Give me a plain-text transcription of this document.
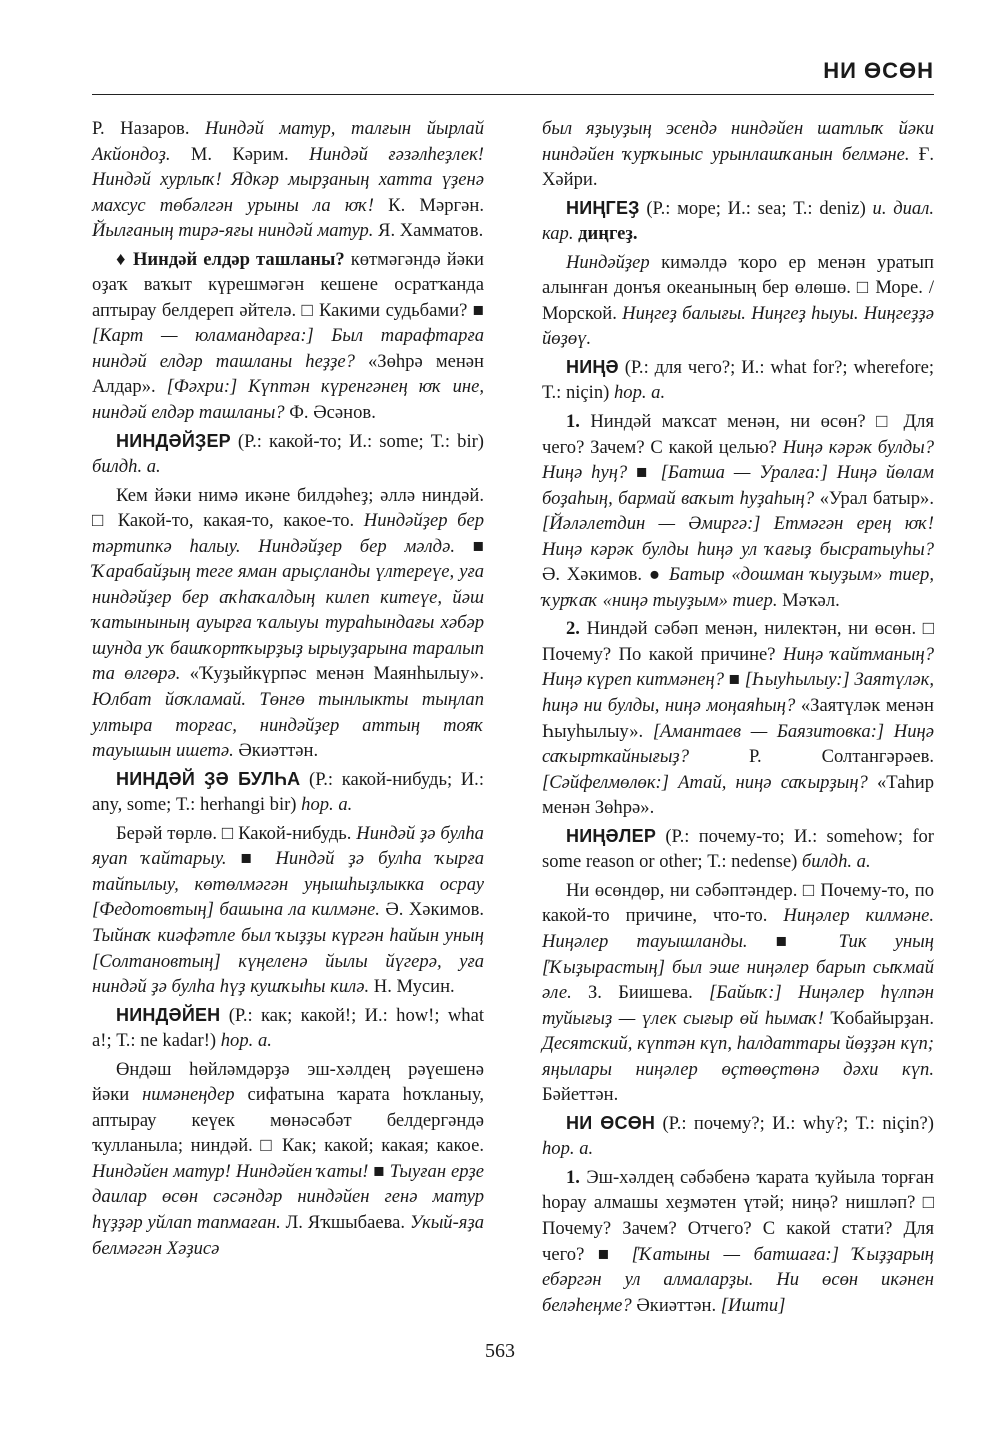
НИ ӨСӨН

Р. Назаров. Ниндәй матур, талғын йырлай Акйондоҙ. М. Кәрим. Ниндәй ғәзәлһеҙлек! Ниндәй хурлыҡ! Ядкәр мырҙаның хатта үҙенә махсус төбәлгән урыны ла юҡ! К. Мәргән. Йылғаның тирә-яғы ниндәй матур. Я. Хамматов.

♦ Ниндәй елдәр ташланы? көтмәгәндә йәки оҙаҡ ваҡыт күрешмәгән кешене осратҡанда аптырау белдереп әйтелә. □ Какими судьбами? ■ [Карт — юламандарға:] Был тарафтарға ниндәй елдәр ташланы һеҙҙе? «Зөһрә менән Алдар». [Фәхри:] Күптән күренгәнең юҡ ине, ниндәй елдәр ташланы? Ф. Әсәнов.

НИНДӘЙҘЕР (Р.: какой-то; И.: some; Т.: bir) билдһ. а.

Кем йәки нимә икәне билдәһеҙ; әллә ниндәй. □ Какой-то, какая-то, какое-то. Ниндәйҙер бер тәртипкә һалыу. Ниндәйҙер бер мәлдә. ■ Ҡарабайҙың теге яман арыҫланды үлтереүе, уға ниндәйҙер бер аҡһаҡалдың килеп китеүе, йәш ҡатынының ауырға ҡалыуы тураһындағы хәбәр шунда уҡ башҡортҡырҙыҙ ырыуҙарына таралып та өлгөрә. «Ҡуҙыйкүрпәс менән Маянһылыу». Юлбат йоҡламай. Төнгө тынлыкты тыңлап ултыра торғас, ниндәйҙер аттың тояҡ тауышын ишетә. Әкиәттән.

НИНДӘЙ ҘӘ БУЛҺА (Р.: какой-нибудь; И.: any, some; Т.: herhangi bir) һор. а.

Берәй төрлө. □ Какой-нибудь. Ниндәй ҙә булһа яуап ҡайтарыу. ■ Ниндәй ҙә булһа ҡырға тайпылыу, көтөлмәгән уңышһыҙлыкка осрау [Федотовтың] башына ла килмәне. Ә. Хәкимов. Тыйнаҡ киәфәтле был ҡыҙҙы күргән һайын уның [Солтановтың] күңеленә йылы йүгерә, уға ниндәй ҙә булһа һүҙ кушҡыһы килә. Н. Мусин.

НИНДӘЙЕН (Р.: как; какой!; И.: how!; what a!; Т.: ne kadar!) һор. а.

Өндәш һөйләмдәрҙә эш-хәлдең рәүешенә йәки нимәнеңдер сифатына ҡарата һоҡланыу, аптырау кеүек мөнәсәбәт белдергәндә ҡулланыла; ниндәй. □ Как; какой; какая; какое. Ниндәйен матур! Ниндәйен ҡаты! ■ Тыуған ерҙе даилар өсөн сәсәндәр ниндәйен генә матур һүҙҙәр уйлап тапмаған. Л. Яҡшыбаева. Укый-яҙа белмәгән Хәҙисә

был яҙыуҙың эсендә ниндәйен шатлыҡ йәки ниндәйен ҡурҡыныс урынлашҡанын белмәне. Ғ. Хәйри.

НИҢГЕҘ (Р.: море; И.: sea; Т.: deniz) и. диал. кар. диңгеҙ.

Ниндәйҙер кимәлдә ҡоро ер менән уратып алынған донъя океанының бер өлөшө. □ Море. / Морской. Ниңгеҙ балығы. Ниңгеҙ һыуы. Ниңгеҙҙә йөҙөү.

НИҢӘ (Р.: для чего?; И.: what for?; wherefore; Т.: niçin) һор. а.

1. Ниндәй маҡсат менән, ни өсөн? □ Для чего? Зачем? С какой целью? Ниңә кәрәк булды? Ниңә һуң? ■ [Батша — Уралға:] Ниңә йөлам боҙаһың, бармай ваҡыт һуҙаһың? «Урал батыр». [Йәләлетдин — Әмиргә:] Етмәгән ерең юҡ! Ниңә кәрәк булды һиңә ул ҡағыҙ бысратыуһы? Ә. Хәкимов. ● Батыр «дошман ҡыуҙым» тиер, ҡурҡаҡ «ниңә тыуҙым» тиер. Мәҡәл.

2. Ниндәй сәбәп менән, нилектән, ни өсөн. □ Почему? По какой причине? Ниңә ҡайтманың? Ниңә күреп китмәнең? ■ [Һыуһылыу:] Заятүләк, һиңә ни булды, ниңә моңаяһың? «Заятүләк менән Һыуһылыу». [Амантаев — Баязитовка:] Ниңә саҡырткайнығыҙ? Р. Солтангәрәев. [Сәйфелмөлөк:] Атай, ниңә саҡырҙың? «Таһир менән Зөһрә».

НИҢӘЛЕР (Р.: почему-то; И.: somehow; for some reason or other; Т.: nedense) билдһ. а.

Ни өсөндөр, ни сәбәптәндер. □ Почему-то, по какой-то причине, что-то. Ниңәлер килмәне. Ниңәлер тауышланды. ■ Тик уның [Ҡыҙырастың] был эше ниңәлер барып сыҡмай әле. З. Биишева. [Байыҡ:] Ниңәлер һүлпән туйығыҙ — үлек сығыр өй һымаҡ! Ҡобайырҙан. Десятский, күптән күп, һалдаттары йөҙҙән күп; яңылары ниңәлер өҫтөөҫтөнә дәхи күп. Бәйеттән.

НИ ӨСӨН (Р.: почему?; И.: why?; Т.: niçin?) һор. а.

1. Эш-хәлдең сәбәбенә ҡарата ҡуйыла торған һорау алмашы хеҙмәтен үтәй; ниңә? нишләп? □ Почему? Зачем? Отчего? С какой стати? Для чего? ■ [Ҡатыны — батшаға:] Ҡыҙҙарың ебәргән ул алмаларҙы. Ни өсөн икәнен беләһеңме? Әкиәттән. [Ишти]

563
